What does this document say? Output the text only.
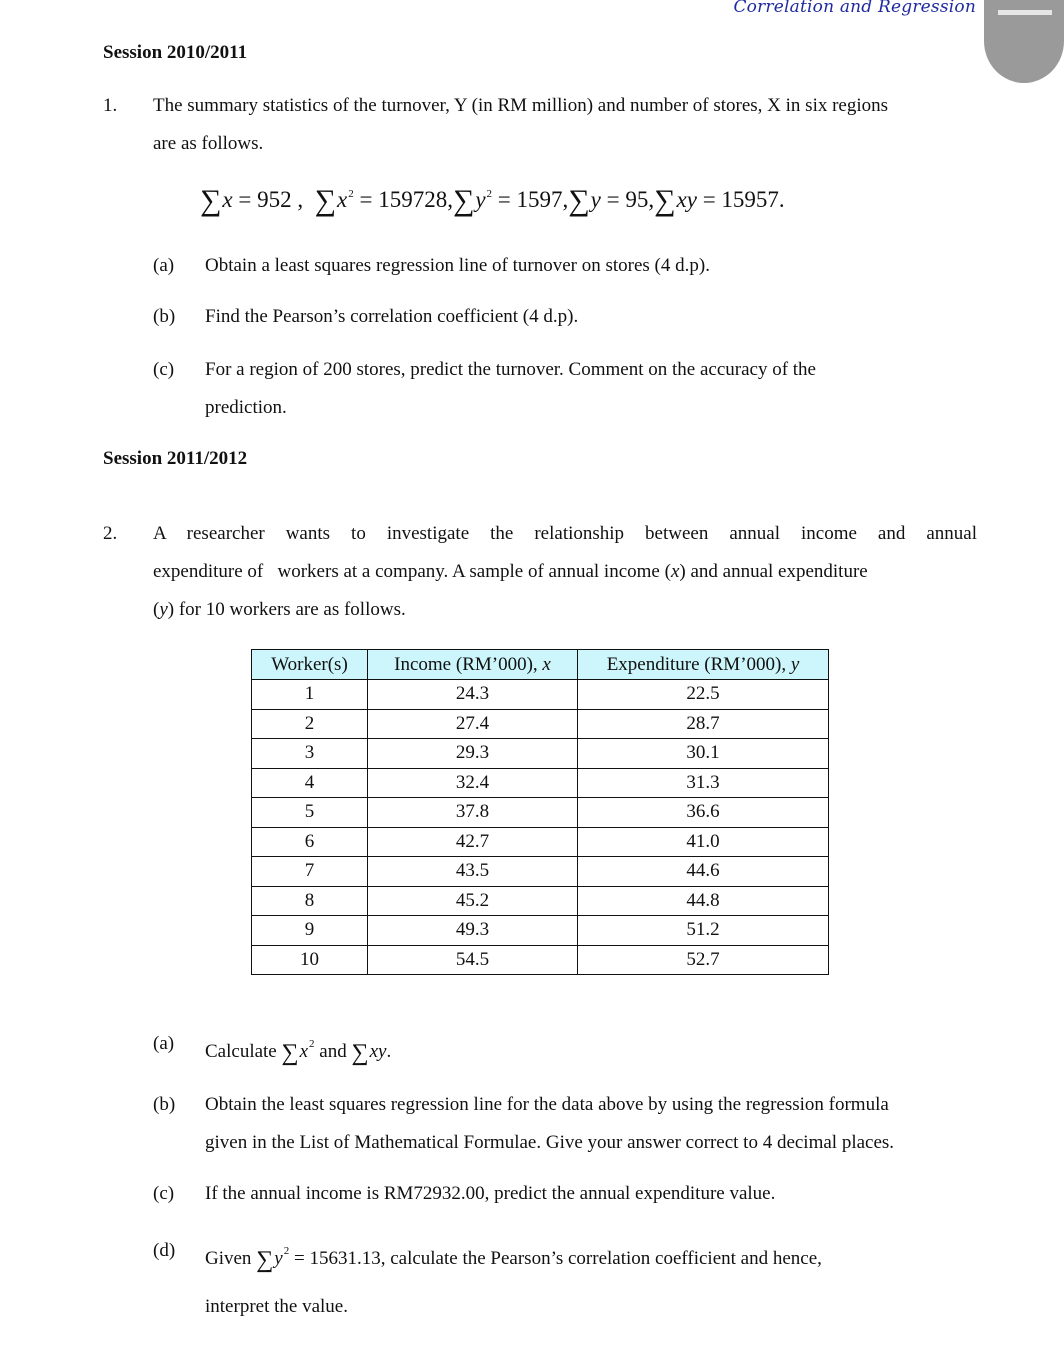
Correlation and Regression
Session 2010/2011
1. The summary statistics of the turnover, Y (in RM million) and number of stores, X in six regions
are as follows.
∑x = 952 ,  $\sum x^2 = 159728,\sum y^2 = 1597,\sum y = 95,\sum xy = 15957$.
(a) Obtain a least squares regression line of turnover on stores (4 d.p).
(b) Find the Pearson’s correlation coefficient (4 d.p).
(c) For a region of 200 stores, predict the turnover. Comment on the accuracy of the
prediction.
Session 2011/2012
2. A researcher wants to investigate the relationship between annual income and annual
expenditure of   workers at a company. A sample of annual income (x) and annual expenditure
(y) for 10 workers are as follows.
Worker(s)	Income (RM’000), x	Expenditure (RM’000), y
1	24.3	22.5
2	27.4	28.7
3	29.3	30.1
4	32.4	31.3
5	37.8	36.6
6	42.7	41.0
7	43.5	44.6
8	45.2	44.8
9	49.3	51.2
10	54.5	52.7
(a) Calculate $\sum x^2$ and ∑xy.
(b) Obtain the least squares regression line for the data above by using the regression formula
given in the List of Mathematical Formulae. Give your answer correct to 4 decimal places.
(c) If the annual income is RM72932.00, predict the annual expenditure value.
(d) Given $\sum y^2 = 15631.13$, calculate the Pearson’s correlation coefficient and hence,
interpret the value.
